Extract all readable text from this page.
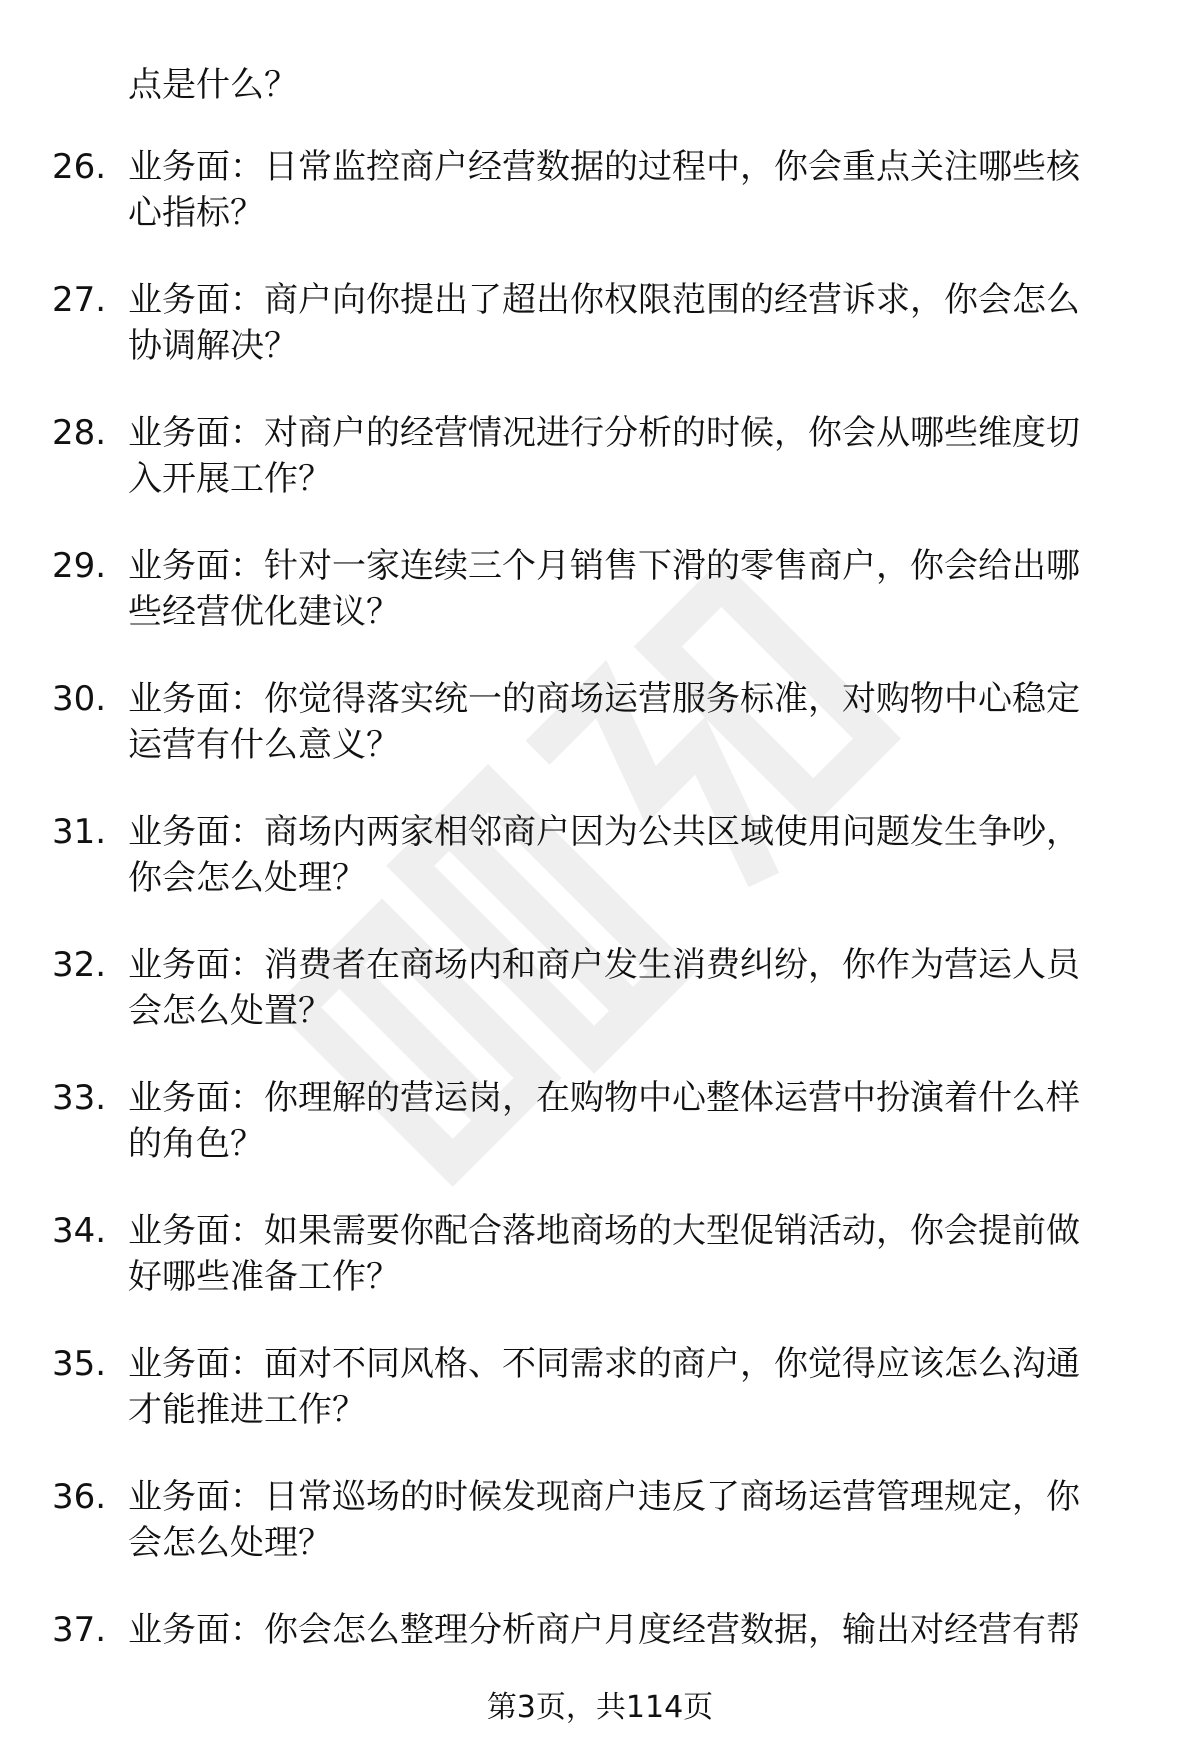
点是什么？
26. 业务面：日常监控商户经营数据的过程中，你会重点关注哪些核
心指标？
27. 业务面：商户向你提出了超出你权限范围的经营诉求，你会怎么
协调解决？
28. 业务面：对商户的经营情况进行分析的时候，你会从哪些维度切
入开展工作？
29. 业务面：针对一家连续三个月销售下滑的零售商户，你会给出哪
些经营优化建议？
30. 业务面：你觉得落实统一的商场运营服务标准，对购物中心稳定
运营有什么意义？
31. 业务面：商场内两家相邻商户因为公共区域使用问题发生争吵，
你会怎么处理？
32. 业务面：消费者在商场内和商户发生消费纠纷，你作为营运人员
会怎么处置？
33. 业务面：你理解的营运岗，在购物中心整体运营中扮演着什么样
的角色？
34. 业务面：如果需要你配合落地商场的大型促销活动，你会提前做
好哪些准备工作？
35. 业务面：面对不同风格、不同需求的商户，你觉得应该怎么沟通
才能推进工作？
36. 业务面：日常巡场的时候发现商户违反了商场运营管理规定，你
会怎么处理？
37. 业务面：你会怎么整理分析商户月度经营数据，输出对经营有帮
第3页，共114页
